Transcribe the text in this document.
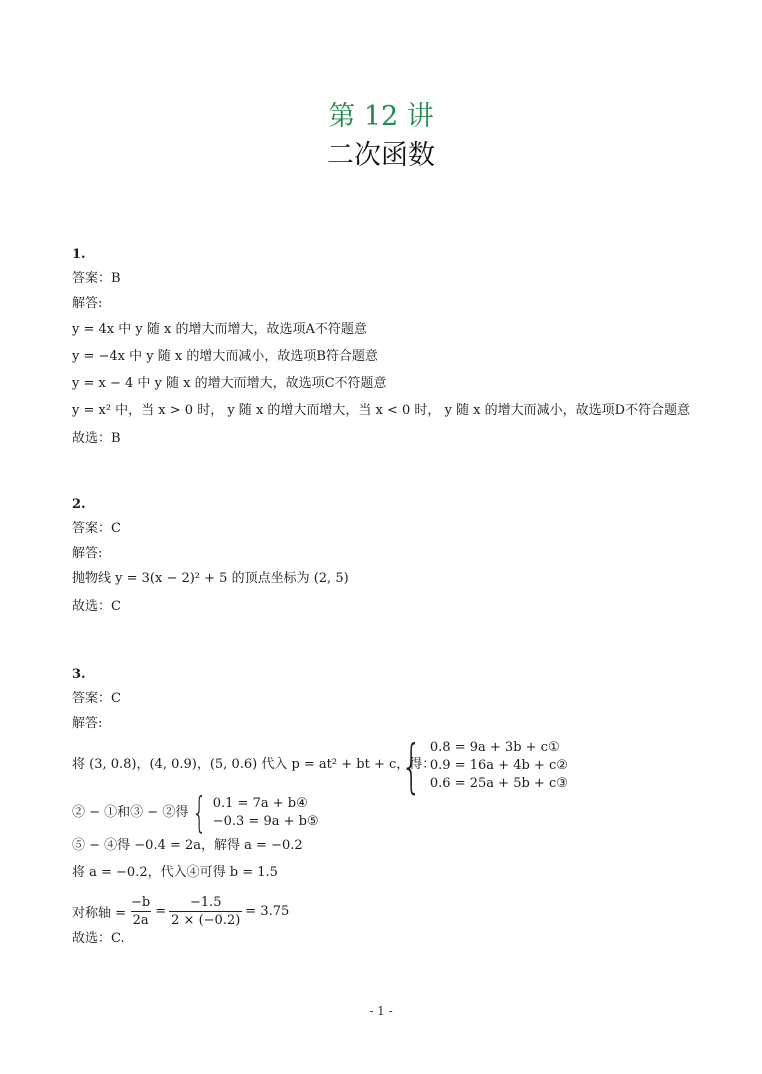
第 12 讲
二次函数
1.
答案：B
解答:
y = 4x 中 y 随 x 的增大而增大，故选项A不符题意
y = −4x 中 y 随 x 的增大而减小，故选项B符合题意
y = x − 4 中 y 随 x 的增大而增大，故选项C不符题意
y = x² 中，当 x > 0 时， y 随 x 的增大而增大，当 x < 0 时， y 随 x 的增大而减小，故选项D不符合题意
故选：B
2.
答案：C
解答:
抛物线 y = 3(x − 2)² + 5 的顶点坐标为 (2, 5)
故选：C
3.
答案：C
解答:
将 (3, 0.8)，(4, 0.9)，(5, 0.6) 代入 p = at² + bt + c，得：
{ 0.8 = 9a + 3b + c①
0.9 = 16a + 4b + c②
0.6 = 25a + 5b + c③
② − ①和③ − ②得 { 0.1 = 7a + b④
−0.3 = 9a + b⑤
⑤ − ④得 −0.4 = 2a，解得 a = −0.2
将 a = −0.2，代入④可得 b = 1.5
对称轴 = $\frac{-b}{2a} = \frac{-1.5}{2 \times (-0.2)} = 3.75$
故选：C.
- 1 -
